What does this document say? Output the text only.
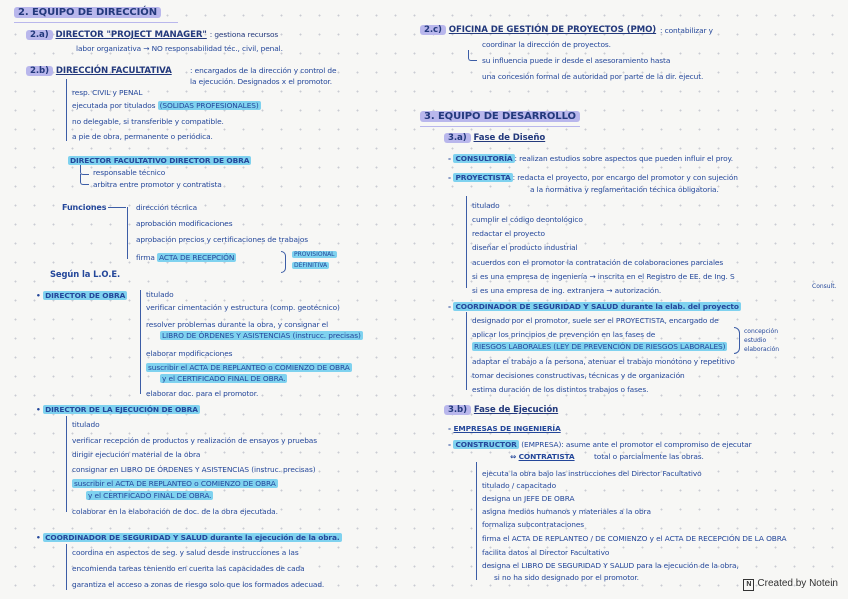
2. EQUIPO DE DIRECCIÓN
2.a) DIRECTOR "PROJECT MANAGER" : gestiona recursos
labor organizativa → NO responsabilidad téc., civil, penal.
2.b) DIRECCIÓN FACULTATIVA : encargados de la dirección y control de
la ejecución. Designados x el promotor.
resp. CIVIL y PENAL
ejecutada por titulados (SOLIDAS PROFESIONALES)
no delegable, si transferible y compatible.
a pie de obra, permanente o periódica.
DIRECTOR FACULTATIVO DIRECTOR DE OBRA
responsable técnico
arbitra entre promotor y contratista
Funciones	dirección técnica
aprobación modificaciones
aprobación precios y certificaciones de trabajos
firma ACTA DE RECEPCIÓN	PROVISIONAL
DEFINITIVA
Según la L.O.E.
• DIRECTOR DE OBRA	titulado
verificar cimentación y estructura (comp. geotécnico)
resolver problemas durante la obra, y consignar el
LIBRO DE ÓRDENES Y ASISTENCIAS (instrucc. precisas)
elaborar modificaciones
suscribir el ACTA DE REPLANTEO o COMIENZO DE OBRA
y el CERTIFICADO FINAL DE OBRA.
elaborar doc. para el promotor.
• DIRECTOR DE LA EJECUCIÓN DE OBRA
titulado
verificar recepción de productos y realización de ensayos y pruebas
dirigir ejecución material de la obra
consignar en LIBRO DE ÓRDENES Y ASISTENCIAS (instruc. precisas)
suscribir el ACTA DE REPLANTEO o COMIENZO DE OBRA
y el CERTIFICADO FINAL DE OBRA.
colaborar en la elaboración de doc. de la obra ejecutada.
• COORDINADOR DE SEGURIDAD Y SALUD durante la ejecución de la obra.
coordina en aspectos de seg. y salud desde instrucciones a las
encomienda tareas teniendo en cuenta las capacidades de cada
garantiza el acceso a zonas de riesgo solo que los formados adecuad.
2.c) OFICINA DE GESTIÓN DE PROYECTOS (PMO) : contabilizar y
coordinar la dirección de proyectos.
su influencia puede ir desde el asesoramiento hasta
una concesión formal de autoridad por parte de la dir. ejecut.
3. EQUIPO DE DESARROLLO
3.a) Fase de Diseño
- CONSULTORÍA : realizan estudios sobre aspectos que pueden influir el proy.
- PROYECTISTA : redacta el proyecto, por encargo del promotor y con sujeción
a la normativa y reglamentación técnica obligatoria.
titulado
cumplir el código deontológico
redactar el proyecto
diseñar el producto industrial
acuerdos con el promotor la contratación de colaboraciones parciales
si es una empresa de ingeniería → inscrita en el Registro de EE. de Ing. S
si es una empresa de ing. extranjera → autorización.	Consult.
- COORDINADOR DE SEGURIDAD Y SALUD durante la elab. del proyecto
designado por el promotor, suele ser el PROYECTISTA, encargado de
aplicar los principios de prevención en las fases de
RIESGOS LABORALES (LEY DE PREVENCIÓN DE RIESGOS LABORALES)
concepción
estudio
elaboración
adaptar el trabajo a la persona, atenuar el trabajo monótono y repetitivo
tomar decisiones constructivas, técnicas y de organización
estima duración de los distintos trabajos o fases.
3.b) Fase de Ejecución
- EMPRESAS DE INGENIERÍA
- CONSTRUCTOR (EMPRESA): asume ante el promotor el compromiso de ejecutar
⇔ CONTRATISTA	total o parcialmente las obras.
ejecuta la obra bajo las instrucciones del Director Facultativo
titulado / capacitado
designa un JEFE DE OBRA
asigna medios humanos y materiales a la obra
formaliza subcontrataciones
firma el ACTA DE REPLANTEO / DE COMIENZO y el ACTA DE RECEPCIÓN DE LA OBRA
facilita datos al Director Facultativo
designa el LIBRO DE SEGURIDAD Y SALUD para la ejecución de la obra,
si no ha sido designado por el promotor.
N Created by Notein
